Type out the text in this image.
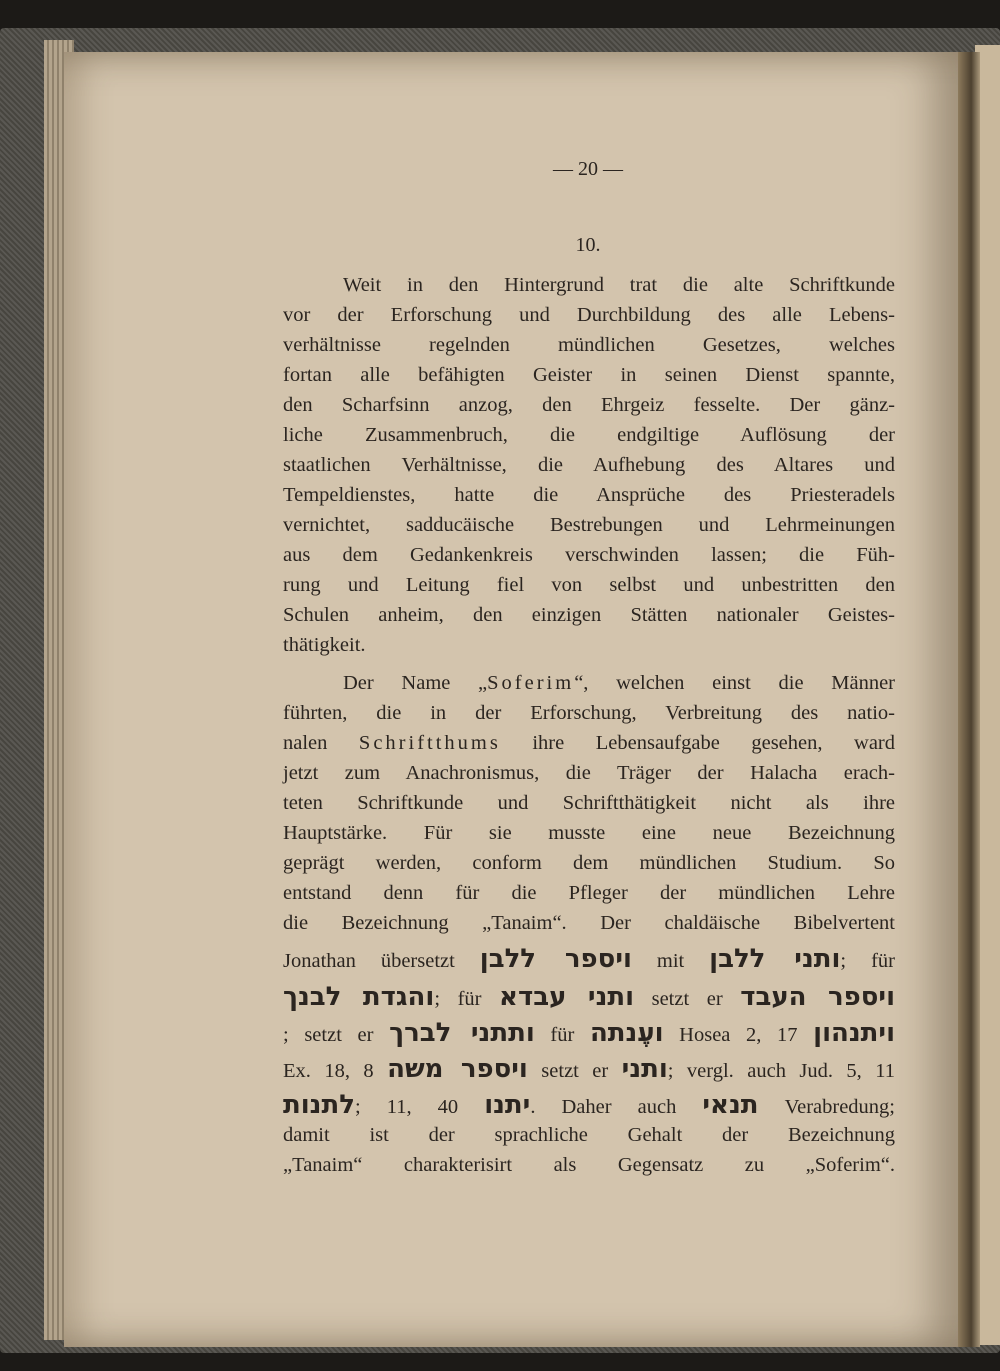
— 20 —
10.
Weit in den Hintergrund trat die alte Schriftkunde
vor der Erforschung und Durchbildung des alle Lebens-
verhältnisse regelnden mündlichen Gesetzes, welches
fortan alle befähigten Geister in seinen Dienst spannte,
den Scharfsinn anzog, den Ehrgeiz fesselte. Der gänz-
liche Zusammenbruch, die endgiltige Auflösung der
staatlichen Verhältnisse, die Aufhebung des Altares und
Tempeldienstes, hatte die Ansprüche des Priesteradels
vernichtet, sadducäische Bestrebungen und Lehrmeinungen
aus dem Gedankenkreis verschwinden lassen; die Füh-
rung und Leitung fiel von selbst und unbestritten den
Schulen anheim, den einzigen Stätten nationaler Geistes-
thätigkeit.
Der Name „Soferim“, welchen einst die Männer
führten, die in der Erforschung, Verbreitung des natio-
nalen Schriftthums ihre Lebensaufgabe gesehen, ward
jetzt zum Anachronismus, die Träger der Halacha erach-
teten Schriftkunde und Schriftthätigkeit nicht als ihre
Hauptstärke. Für sie musste eine neue Bezeichnung
geprägt werden, conform dem mündlichen Studium. So
entstand denn für die Pfleger der mündlichen Lehre
die Bezeichnung „Tanaim“. Der chaldäische Bibelvertent
Jonathan übersetzt ויספר ללבן mit ותני ללבן; für
והגדת לבנך; für ותני עבדא setzt er ויספר העבד
; setzt er ותתני לברך für ועֶנתה Hosea 2, 17 ויתנהון
Ex. 18, 8 ויספר משה setzt er ותני; vergl. auch Jud. 5, 11
לתנות; 11, 40 יתנו. Daher auch תנאי Verabredung;
damit ist der sprachliche Gehalt der Bezeichnung
„Tanaim“ charakterisirt als Gegensatz zu „Soferim“.
